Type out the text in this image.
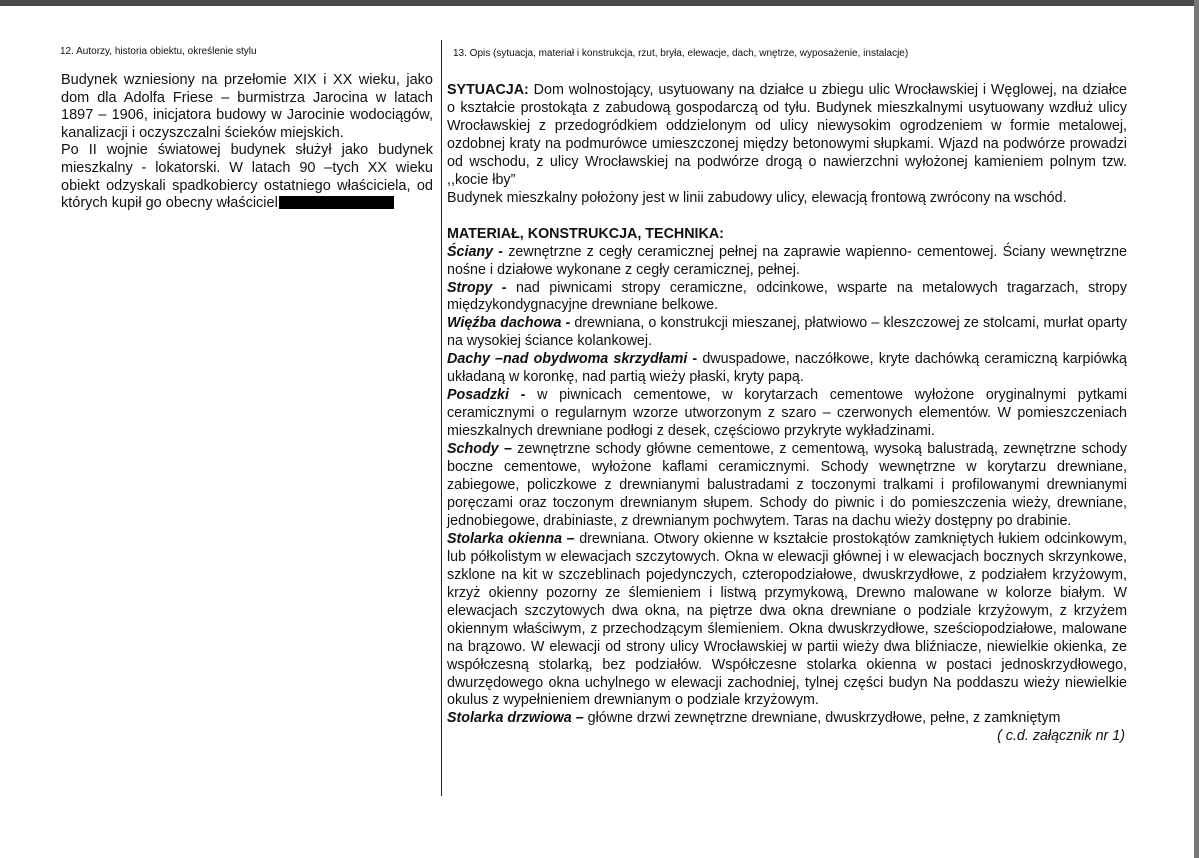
12. Autorzy, historia obiektu, określenie stylu

Budynek wzniesiony na przełomie XIX i XX wieku, jako dom dla Adolfa Friese – burmistrza Jarocina w latach 1897 – 1906, inicjatora budowy w Jarocinie wodociągów, kanalizacji i oczyszczalni ścieków miejskich.

Po II wojnie światowej budynek służył jako budynek mieszkalny - lokatorski. W latach 90 –tych XX wieku obiekt odzyskali spadkobiercy ostatniego właściciela, od których kupił go obecny właściciel

13. Opis (sytuacja, materiał i konstrukcja, rzut, bryła, elewacje, dach, wnętrze, wyposażenie, instalacje)

SYTUACJA: Dom wolnostojący, usytuowany na działce u zbiegu ulic Wrocławskiej i Węglowej, na działce o kształcie prostokąta z zabudową gospodarczą od tyłu. Budynek mieszkalnymi usytuowany wzdłuż ulicy Wrocławskiej z przedogródkiem oddzielonym od ulicy niewysokim ogrodzeniem w formie metalowej, ozdobnej kraty na podmurówce umieszczonej między betonowymi słupkami. Wjazd na podwórze prowadzi od wschodu, z ulicy Wrocławskiej na podwórze drogą o nawierzchni wyłożonej kamieniem polnym tzw. ,,kocie łby”

Budynek mieszkalny położony jest w linii zabudowy ulicy, elewacją frontową zwrócony na wschód.

MATERIAŁ, KONSTRUKCJA, TECHNIKA:

Ściany - zewnętrzne z cegły ceramicznej pełnej na zaprawie wapienno- cementowej. Ściany wewnętrzne nośne i działowe wykonane z cegły ceramicznej, pełnej.

Stropy - nad piwnicami stropy ceramiczne, odcinkowe, wsparte na metalowych tragarzach, stropy międzykondygnacyjne drewniane belkowe.

Więźba dachowa - drewniana, o konstrukcji mieszanej, płatwiowo – kleszczowej ze stolcami, murłat oparty na wysokiej ściance kolankowej.

Dachy –nad obydwoma skrzydłami - dwuspadowe, naczółkowe, kryte dachówką ceramiczną karpiówką układaną w koronkę, nad partią wieży płaski, kryty papą.

Posadzki - w piwnicach cementowe, w korytarzach cementowe wyłożone oryginalnymi pytkami ceramicznymi o regularnym wzorze utworzonym z szaro – czerwonych elementów. W pomieszczeniach mieszkalnych drewniane podłogi z desek, częściowo przykryte wykładzinami.

Schody – zewnętrzne schody główne cementowe, z cementową, wysoką balustradą, zewnętrzne schody boczne cementowe, wyłożone kaflami ceramicznymi. Schody wewnętrzne w korytarzu drewniane, zabiegowe, policzkowe z drewnianymi balustradami z toczonymi tralkami i profilowanymi drewnianymi poręczami oraz toczonym drewnianym słupem. Schody do piwnic i do pomieszczenia wieży, drewniane, jednobiegowe, drabiniaste, z drewnianym pochwytem. Taras na dachu wieży dostępny po drabinie.

Stolarka okienna – drewniana. Otwory okienne w kształcie prostokątów zamkniętych łukiem odcinkowym, lub półkolistym w elewacjach szczytowych. Okna w elewacji głównej i w elewacjach bocznych skrzynkowe, szklone na kit w szczeblinach pojedynczych, czteropodziałowe, dwuskrzydłowe, z podziałem krzyżowym, krzyż okienny pozorny ze ślemieniem i listwą przymykową, Drewno malowane w kolorze białym. W elewacjach szczytowych dwa okna, na piętrze dwa okna drewniane o podziale krzyżowym, z krzyżem okiennym właściwym, z przechodzącym ślemieniem. Okna dwuskrzydłowe, sześciopodziałowe, malowane na brązowo. W elewacji od strony ulicy Wrocławskiej w partii wieży dwa bliźniacze, niewielkie okienka, ze współczesną stolarką, bez podziałów. Współczesne stolarka okienna w postaci jednoskrzydłowego, dwurzędowego okna uchylnego w elewacji zachodniej, tylnej części budyn Na poddaszu wieży niewielkie okulus z wypełnieniem drewnianym o podziale krzyżowym.

Stolarka drzwiowa – główne drzwi zewnętrzne drewniane, dwuskrzydłowe, pełne, z zamkniętym

( c.d. załącznik nr 1)
